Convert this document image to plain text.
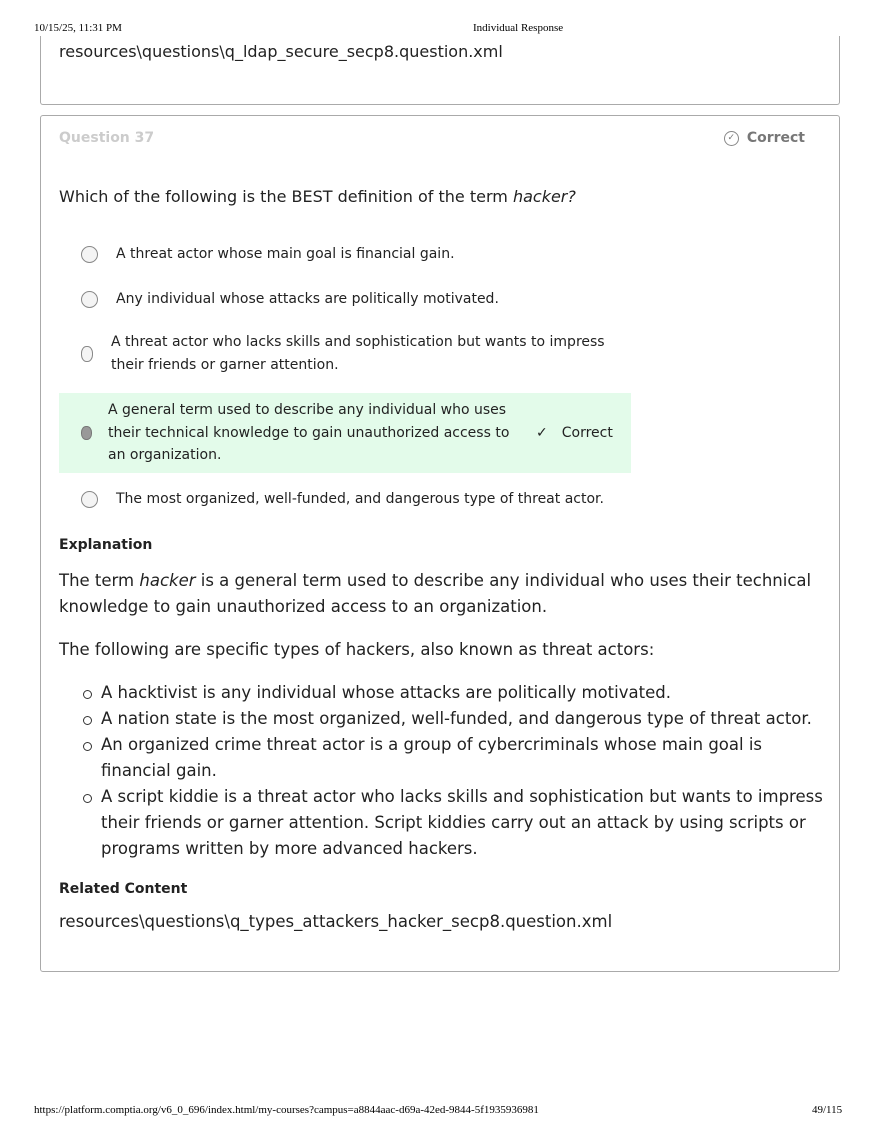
10/15/25, 11:31 PM	Individual Response
resources\questions\q_ldap_secure_secp8.question.xml
Question 37	✓ Correct
Which of the following is the BEST definition of the term hacker?
A threat actor whose main goal is financial gain.
Any individual whose attacks are politically motivated.
A threat actor who lacks skills and sophistication but wants to impress their friends or garner attention.
A general term used to describe any individual who uses their technical knowledge to gain unauthorized access to an organization.
✓ Correct
The most organized, well-funded, and dangerous type of threat actor.
Explanation
The term hacker is a general term used to describe any individual who uses their technical knowledge to gain unauthorized access to an organization.
The following are specific types of hackers, also known as threat actors:
A hacktivist is any individual whose attacks are politically motivated.
A nation state is the most organized, well-funded, and dangerous type of threat actor.
An organized crime threat actor is a group of cybercriminals whose main goal is financial gain.
A script kiddie is a threat actor who lacks skills and sophistication but wants to impress their friends or garner attention. Script kiddies carry out an attack by using scripts or programs written by more advanced hackers.
Related Content
resources\questions\q_types_attackers_hacker_secp8.question.xml
https://platform.comptia.org/v6_0_696/index.html/my-courses?campus=a8844aac-d69a-42ed-9844-5f1935936981	49/115
